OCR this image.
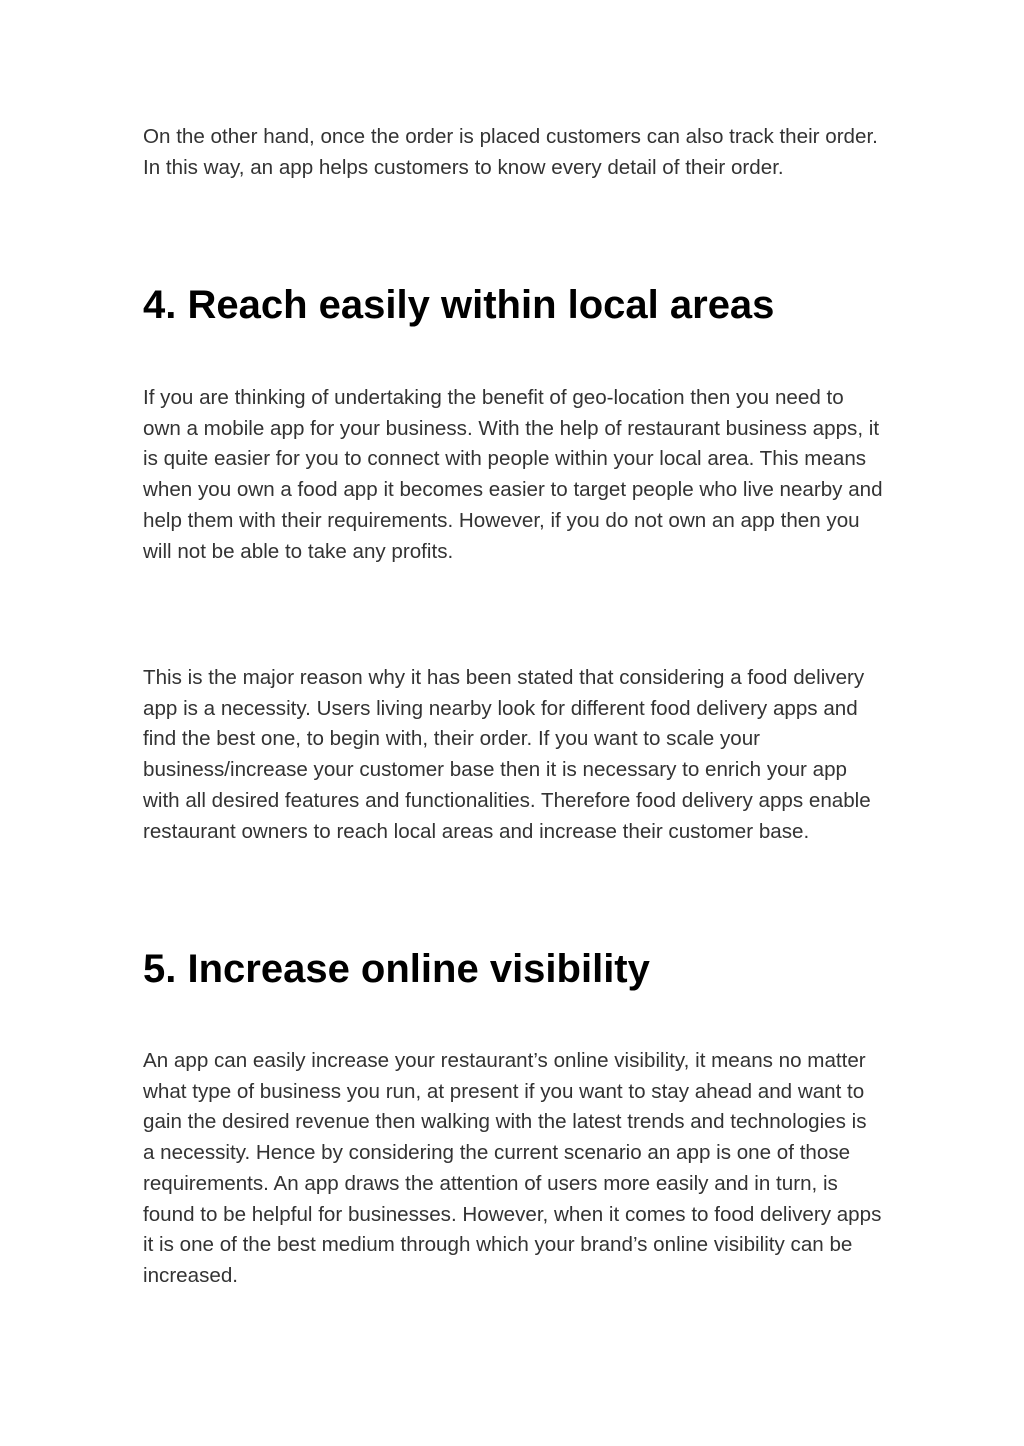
On the other hand, once the order is placed customers can also track their order. In this way, an app helps customers to know every detail of their order.

4. Reach easily within local areas

If you are thinking of undertaking the benefit of geo-location then you need to own a mobile app for your business. With the help of restaurant business apps, it is quite easier for you to connect with people within your local area. This means when you own a food app it becomes easier to target people who live nearby and help them with their requirements. However, if you do not own an app then you will not be able to take any profits.

This is the major reason why it has been stated that considering a food delivery app is a necessity. Users living nearby look for different food delivery apps and find the best one, to begin with, their order. If you want to scale your business/increase your customer base then it is necessary to enrich your app with all desired features and functionalities. Therefore food delivery apps enable restaurant owners to reach local areas and increase their customer base.

5. Increase online visibility

An app can easily increase your restaurant’s online visibility, it means no matter what type of business you run, at present if you want to stay ahead and want to gain the desired revenue then walking with the latest trends and technologies is a necessity. Hence by considering the current scenario an app is one of those requirements. An app draws the attention of users more easily and in turn, is found to be helpful for businesses. However, when it comes to food delivery apps it is one of the best medium through which your brand’s online visibility can be increased.
